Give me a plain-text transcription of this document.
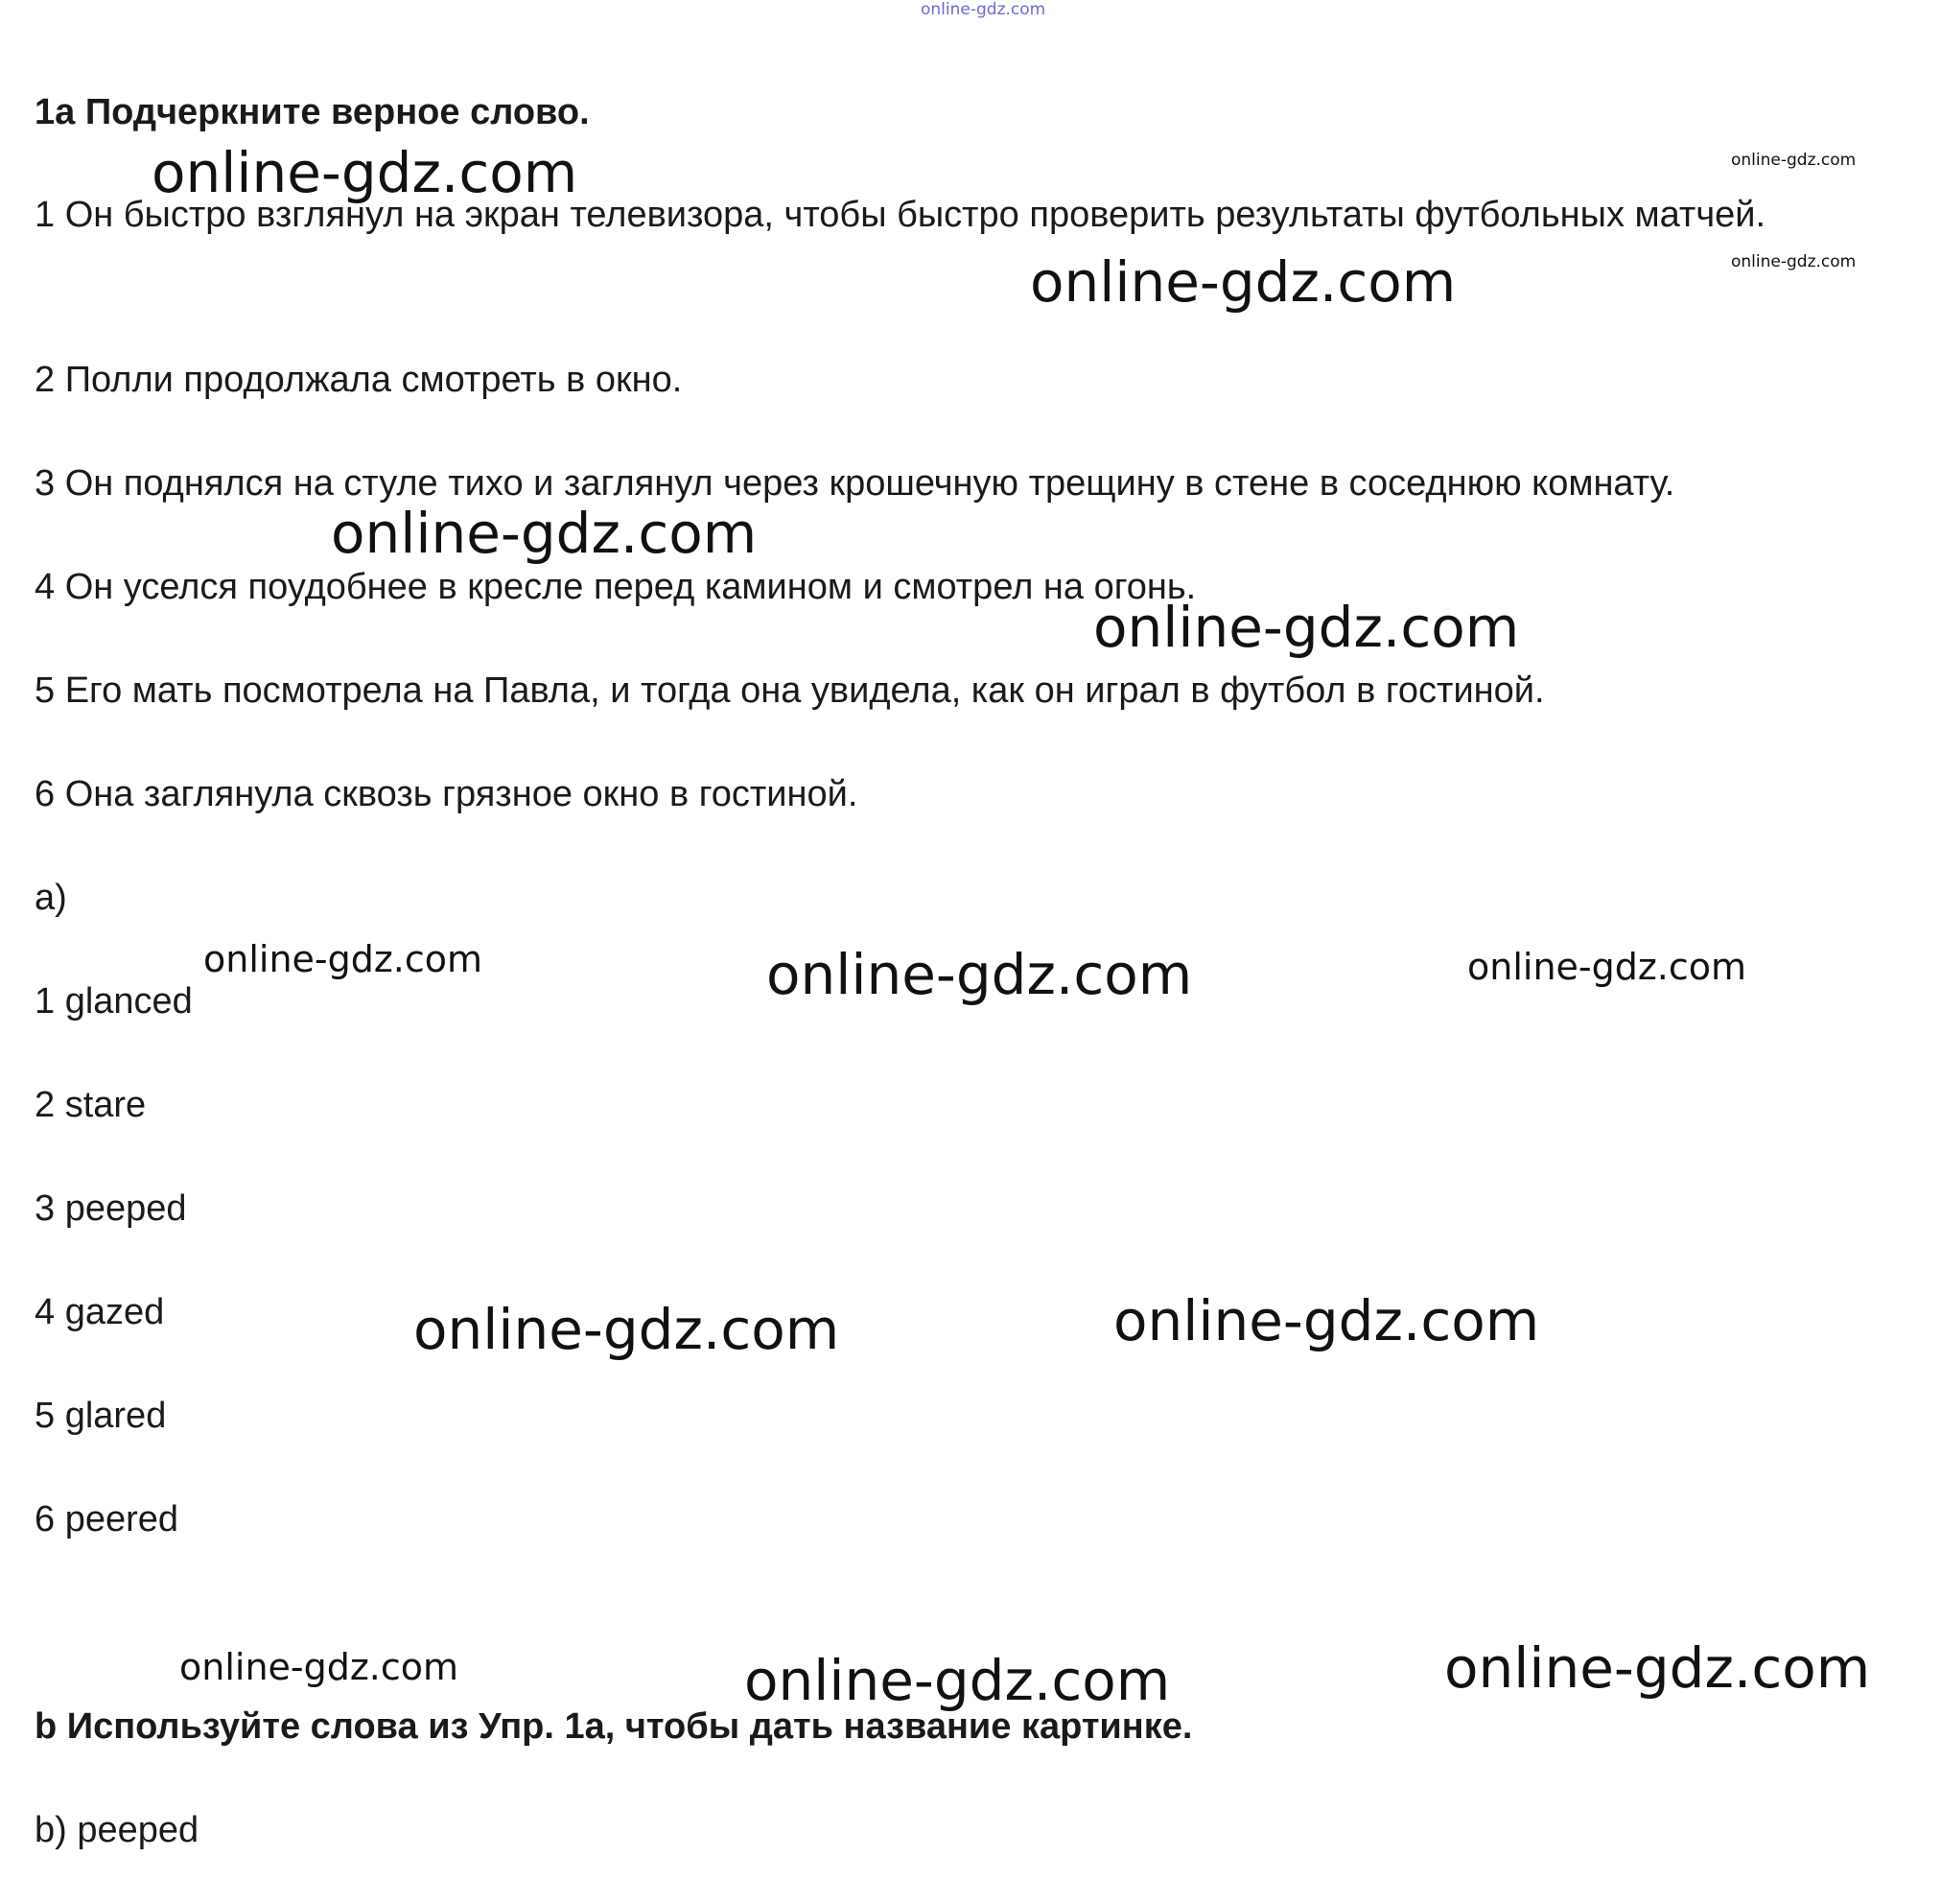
online-gdz.com
1a Подчеркните верное слово.
1 Он быстро взглянул на экран телевизора, чтобы быстро проверить результаты футбольных матчей.
2 Полли продолжала смотреть в окно.
3 Он поднялся на стуле тихо и заглянул через крошечную трещину в стене в соседнюю комнату.
4 Он уселся поудобнее в кресле перед камином и смотрел на огонь.
5 Его мать посмотрела на Павла, и тогда она увидела, как он играл в футбол в гостиной.
6 Она заглянула сквозь грязное окно в гостиной.
a)
1 glanced
2 stare
3 peeped
4 gazed
5 glared
6 peered
b Используйте слова из Упр. 1a, чтобы дать название картинке.
b) peeped
online-gdz.com	online-gdz.com
online-gdz.com	online-gdz.com
online-gdz.com
online-gdz.com
online-gdz.com	online-gdz.com	online-gdz.com
online-gdz.com	online-gdz.com
online-gdz.com	online-gdz.com	online-gdz.com
